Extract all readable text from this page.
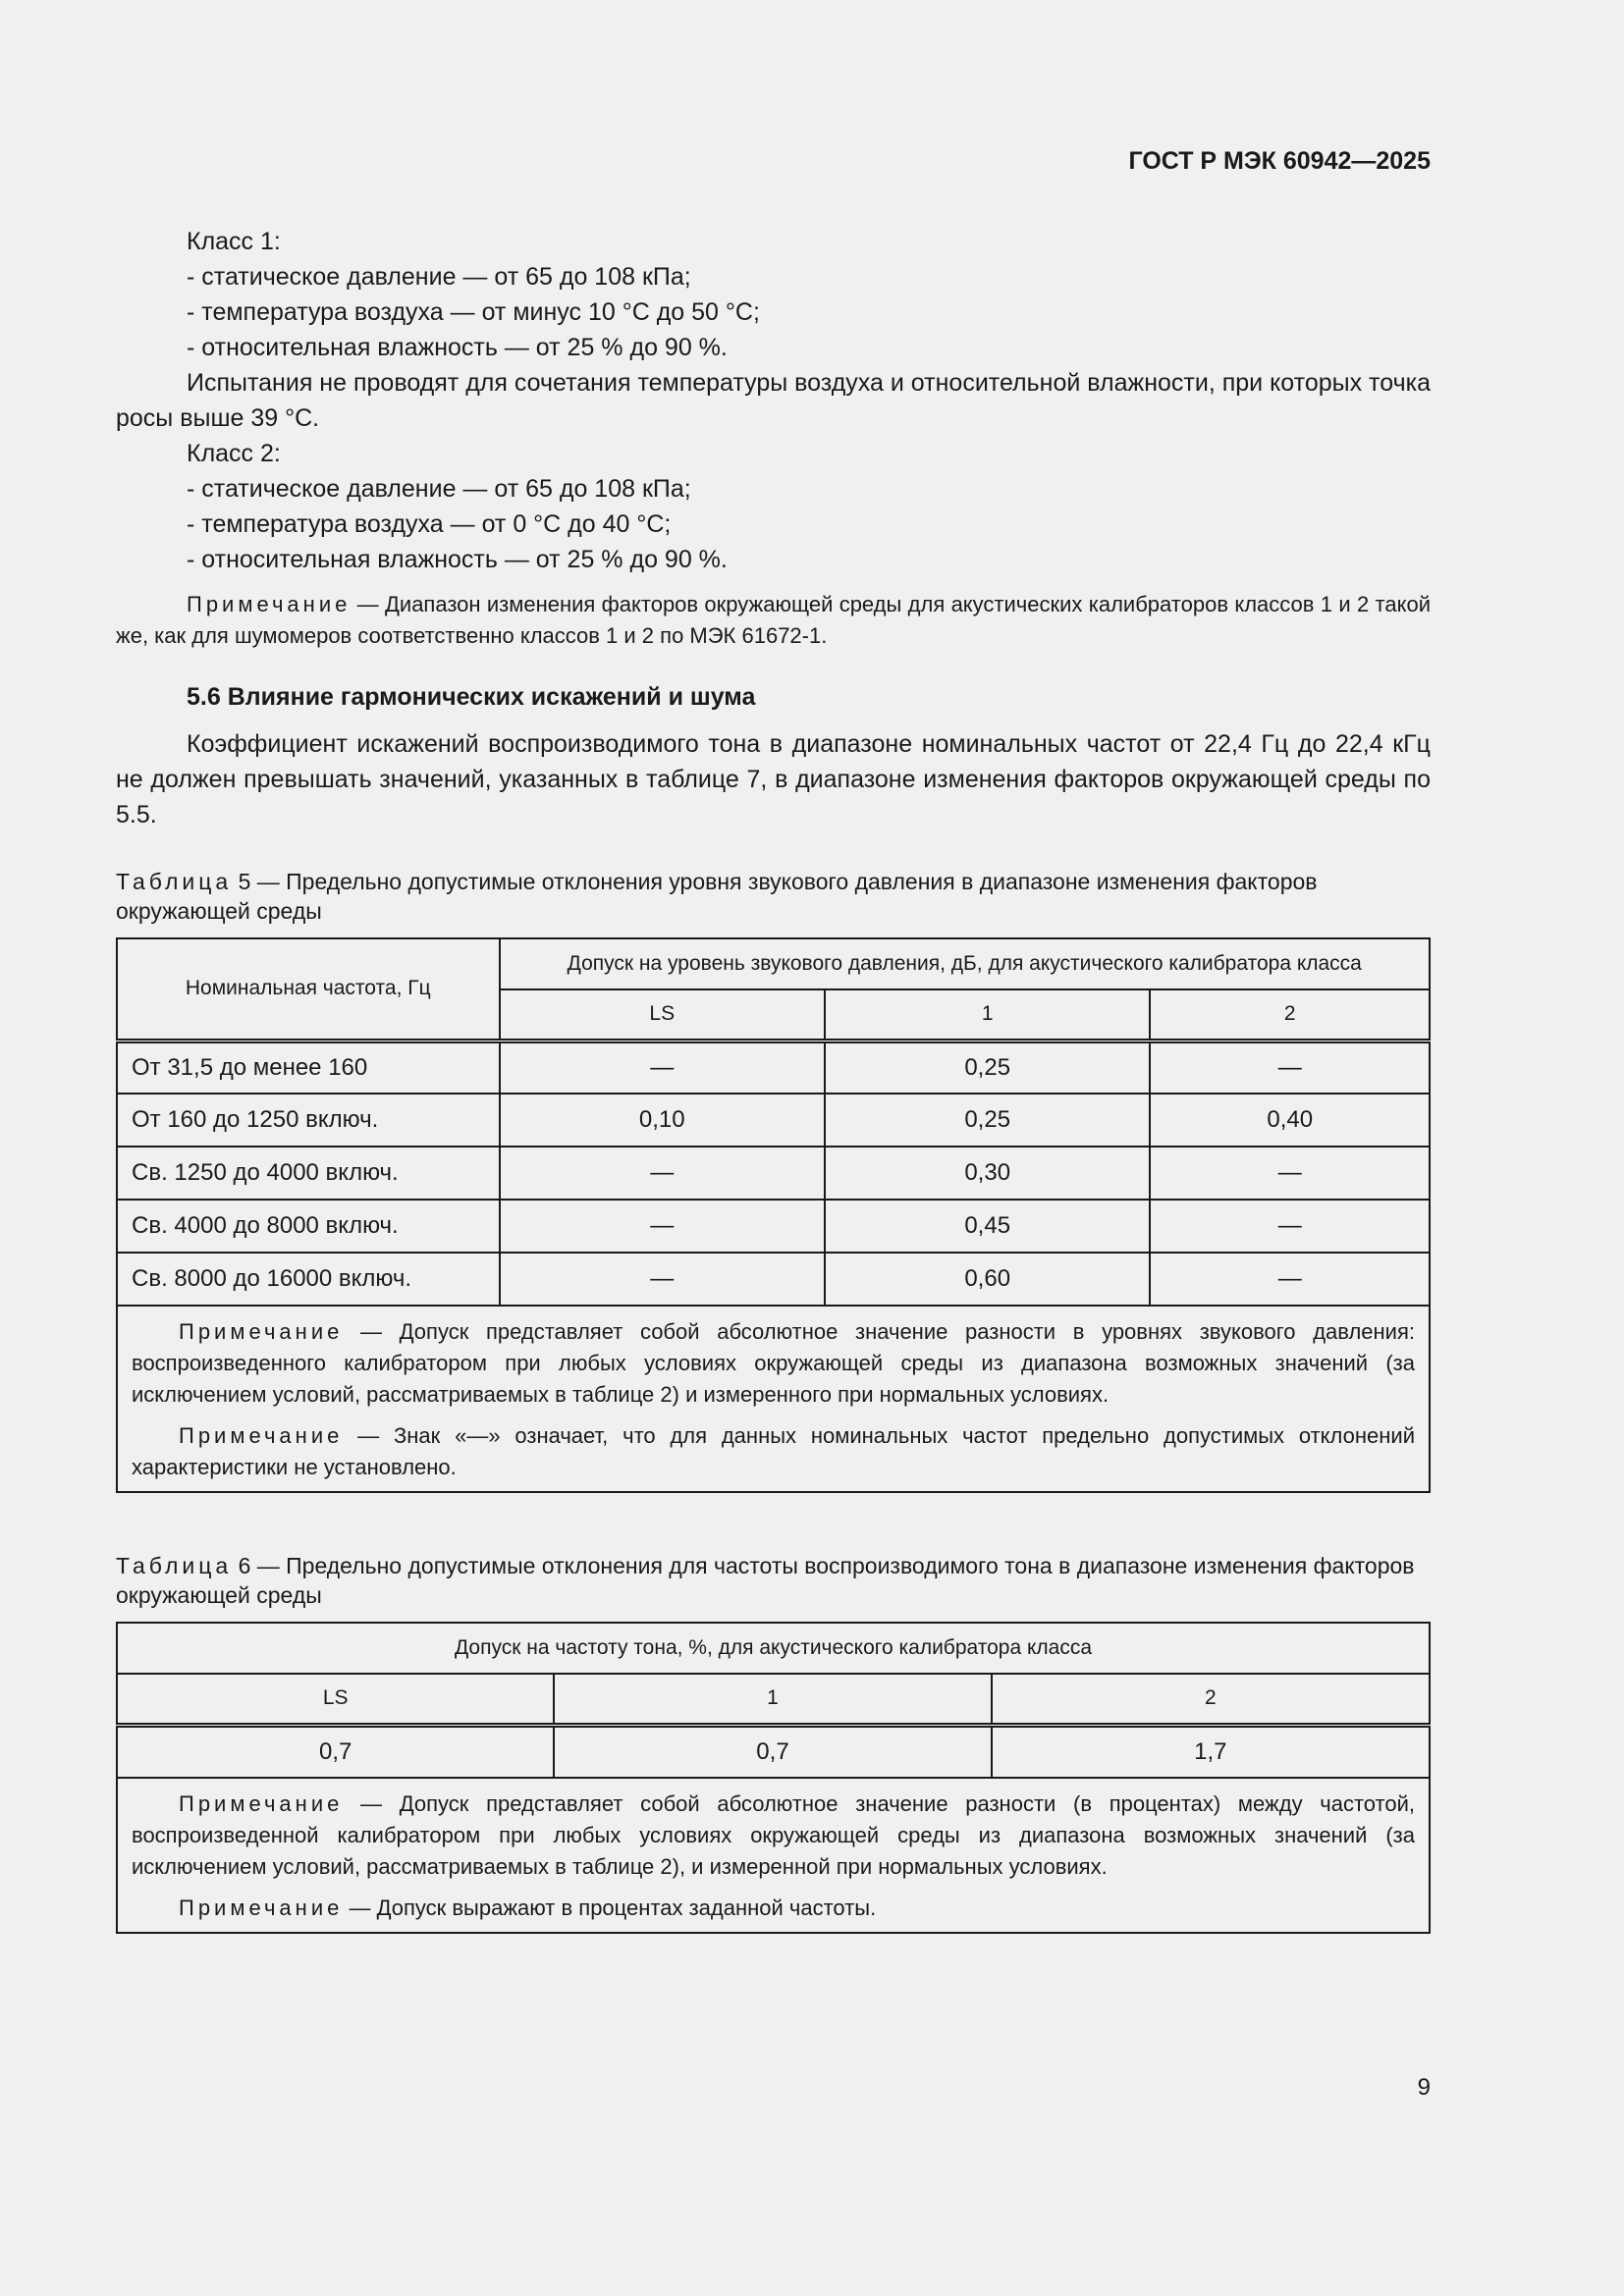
ГОСТ Р МЭК 60942—2025

Класс 1:

- статическое давление — от 65 до 108 кПа;

- температура воздуха — от минус 10 °С до 50 °С;

- относительная влажность — от 25 % до 90 %.

Испытания не проводят для сочетания температуры воздуха и относительной влажности, при которых точка росы выше 39 °С.

Класс 2:

- статическое давление — от 65 до 108 кПа;

- температура воздуха — от 0 °С до 40 °С;

- относительная влажность — от 25 % до 90 %.

Примечание — Диапазон изменения факторов окружающей среды для акустических калибраторов классов 1 и 2 такой же, как для шумомеров соответственно классов 1 и 2 по МЭК 61672-1.

5.6 Влияние гармонических искажений и шума

Коэффициент искажений воспроизводимого тона в диапазоне номинальных частот от 22,4 Гц до 22,4 кГц не должен превышать значений, указанных в таблице 7, в диапазоне изменения факторов окружающей среды по 5.5.

Таблица 5 — Предельно допустимые отклонения уровня звукового давления в диапазоне изменения факторов окружающей среды
Номинальная частота, Гц	Допуск на уровень звукового давления, дБ, для акустического калибратора класса		
	LS	1	2
От 31,5 до менее 160	—	0,25	—
От 160 до 1250 включ.	0,10	0,25	0,40
Св. 1250 до 4000 включ.	—	0,30	—
Св. 4000 до 8000 включ.	—	0,45	—
Св. 8000 до 16000 включ.	—	0,60	—

Примечание — Допуск представляет собой абсолютное значение разности в уровнях звукового давления: воспроизведенного калибратором при любых условиях окружающей среды из диапазона возможных значений (за исключением условий, рассматриваемых в таблице 2) и измеренного при нормальных условиях.

Примечание — Знак «—» означает, что для данных номинальных частот предельно допустимых отклонений характеристики не установлено.			

Таблица 6 — Предельно допустимые отклонения для частоты воспроизводимого тона в диапазоне изменения факторов окружающей среды
Допуск на частоту тона, %, для акустического калибратора класса		
LS	1	2
0,7	0,7	1,7

Примечание — Допуск представляет собой абсолютное значение разности (в процентах) между частотой, воспроизведенной калибратором при любых условиях окружающей среды из диапазона возможных значений (за исключением условий, рассматриваемых в таблице 2), и измеренной при нормальных условиях.

Примечание — Допуск выражают в процентах заданной частоты.		

9
